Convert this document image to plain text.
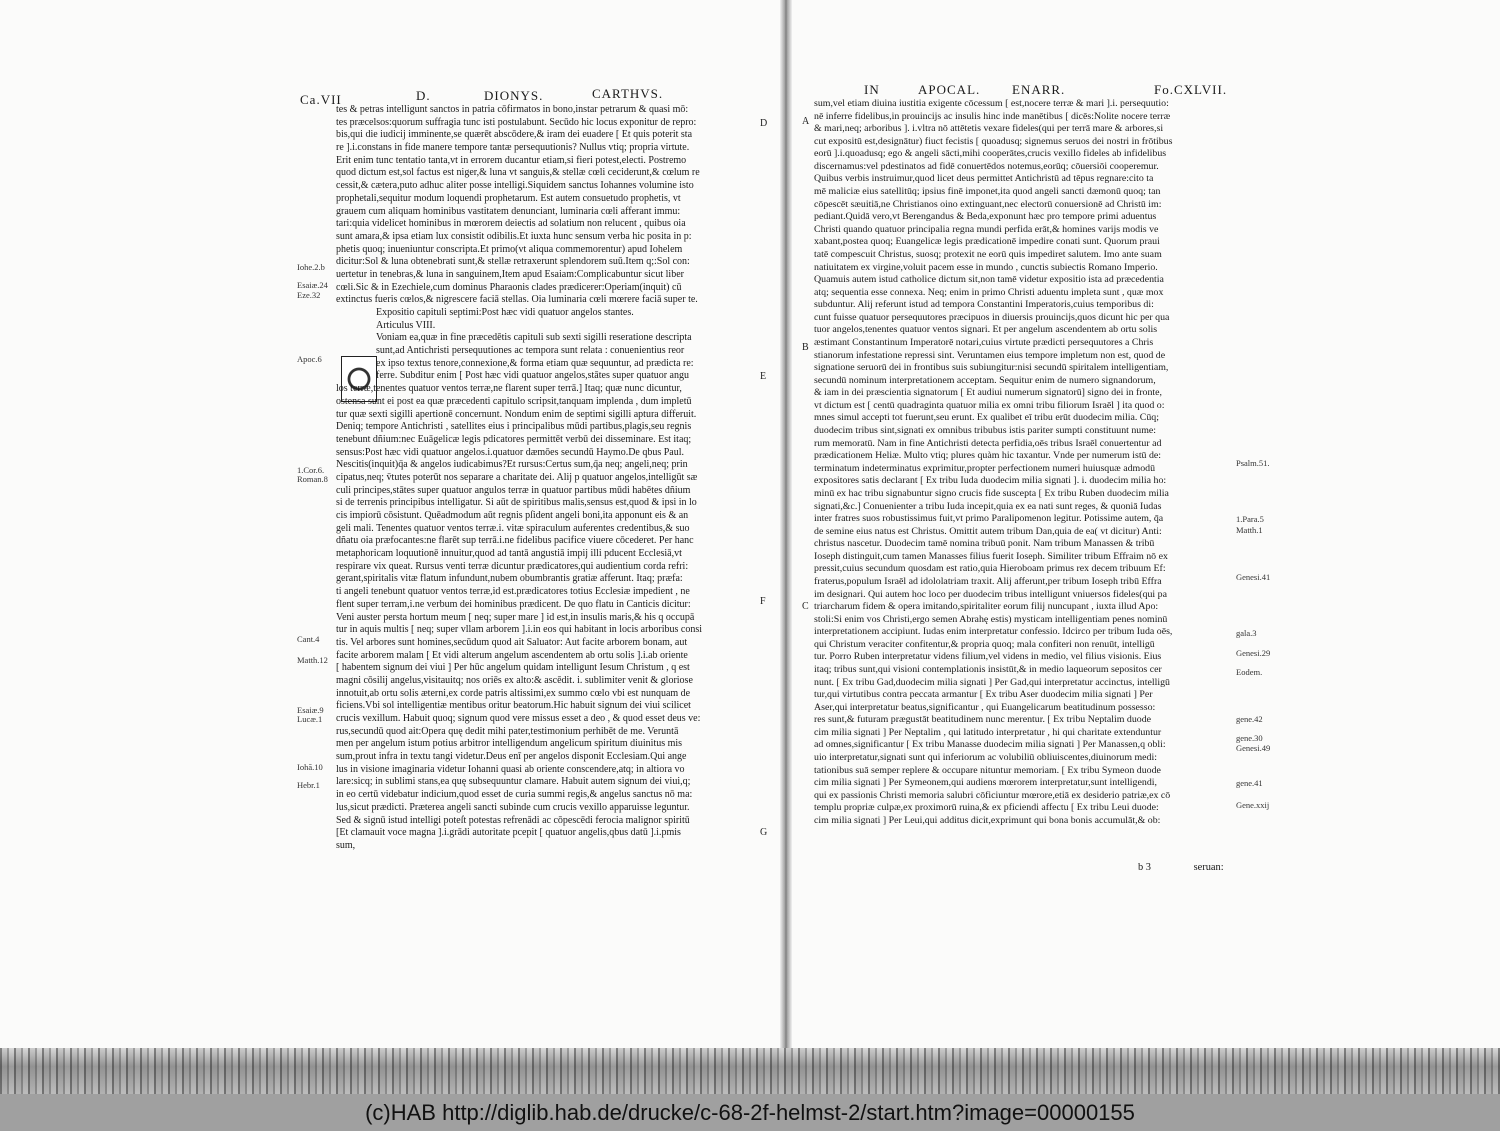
Ca.VII	D.	DIONYS.	CARTHVS.
tes & petras intelligunt sanctos in patria cōfirmatos in bono,instar petrarum & quasi mō:
tes præcelsos:quorum suffragia tunc isti postulabunt. Secūdo hic locus exponitur de repro:
bis,qui die iudicij imminente,se quærēt abscōdere,& iram dei euadere [ Et quis poterit sta
re ].i.constans in fide manere tempore tantæ persequutionis? Nullus vtiq; propria virtute.
Erit enim tunc tentatio tanta,vt in errorem ducantur etiam,si fieri potest,electi. Postremo
quod dictum est,sol factus est niger,& luna vt sanguis,& stellæ cœli ceciderunt,& cœlum re
cessit,& cætera,puto adhuc aliter posse intelligi.Siquidem sanctus Iohannes volumine isto
prophetali,sequitur modum loquendi prophetarum. Est autem consuetudo prophetis, vt
grauem cum aliquam hominibus vastitatem denunciant, luminaria cœli afferant immu:
tari:quia videlicet hominibus in mœrorem deiectis ad solatium non relucent , quibus oia
sunt amara,& ipsa etiam lux consistit odibilis.Et iuxta hunc sensum verba hic posita in p:
phetis quoq; inueniuntur conscripta.Et primo(vt aliqua commemorentur) apud Iohelem
dicitur:Sol & luna obtenebrati sunt,& stellæ retraxerunt splendorem suū.Item q;:Sol con:
uertetur in tenebras,& luna in sanguinem,Item apud Esaiam:Complicabuntur sicut liber
cœli.Sic & in Ezechiele,cum dominus Pharaonis clades prædicerer:Operiam(inquit) cū
extinctus fueris cœlos,& nigrescere faciā stellas. Oia luminaria cœli mœrere faciā super te.
Expositio capituli septimi:Post hæc vidi quatuor angelos stantes.
Articulus VIII.
Voniam ea,quæ in fine præcedētis capituli sub sexti sigilli reseratione descripta
sunt,ad Antichristi persequutiones ac tempora sunt relata : conuenientius reor
ex ipso textus tenore,connexione,& forma etiam quæ sequuntur, ad prædicta re:
ferre. Subditur enim [ Post hæc vidi quatuor angelos,stātes super quatuor angu
los terræ,tenentes quatuor ventos terræ,ne flarent super terrā.] Itaq; quæ nunc dicuntur,
ostensa sunt ei post ea quæ præcedenti capitulo scripsit,tanquam implenda , dum impletū
tur quæ sexti sigilli apertionē concernunt. Nondum enim de septimi sigilli aptura differuit.
Deniq; tempore Antichristi , satellites eius i principalibus mūdi partibus,plagis,seu regnis
tenebunt dñium:nec Euāgelicæ legis pdicatores permittēt verbū dei disseminare. Est itaq;
sensus:Post hæc vidi quatuor angelos.i.quatuor dæmōes secundū Haymo.De qbus Paul.
Nescitis(inquit)q̄a & angelos iudicabimus?Et rursus:Certus sum,q̄a neq; angeli,neq; prin
cipatus,neq; v̄tutes poterūt nos separare a charitate dei. Alij p quatuor angelos,intelligūt sæ
culi principes,stātes super quatuor angulos terræ in quatuor partibus mūdi habētes dñium
si de terrenis principibus intelligatur. Si aūt de spiritibus malis,sensus est,quod & ipsi in lo
cis impiorū cōsistunt. Quēadmodum aūt regnis pſident angeli boni,ita apponunt eis & an
geli mali. Tenentes quatuor ventos terræ.i. vitæ spiraculum auferentes credentibus,& suo
dñatu oia præfocantes:ne flarēt sup terrā.i.ne fidelibus pacifice viuere cōcederet. Per hanc
metaphoricam loquutionē innuitur,quod ad tantā angustiā impij illi pducent Ecclesiā,vt
respirare vix queat. Rursus venti terræ dicuntur prædicatores,qui audientium corda refri:
gerant,spiritalis vitæ flatum infundunt,nubem obumbrantis gratiæ afferunt. Itaq; præfa:
ti angeli tenebunt quatuor ventos terræ,id est.prædicatores totius Ecclesiæ impedient , ne
flent super terram,i.ne verbum dei hominibus prædicent. De quo flatu in Canticis dicitur:
Veni auster persta hortum meum [ neq; super mare ] id est,in insulis maris,& his q occupā
tur in aquis multis [ neq; super vllam arborem ].i.in eos qui habitant in locis arboribus consi
tis. Vel arbores sunt homines,secūdum quod ait Saluator: Aut facite arborem bonam, aut
facite arborem malam [ Et vidi alterum angelum ascendentem ab ortu solis ].i.ab oriente
[ habentem signum dei viui ] Per hūc angelum quidam intelligunt Iesum Christum , q est
magni cōsilij angelus,visitauitq; nos oriēs ex alto:& ascēdit. i. sublimiter venit & gloriose
innotuit,ab ortu solis æterni,ex corde patris altissimi,ex summo cœlo vbi est nunquam de
ficiens.Vbi sol intelligentiæ mentibus oritur beatorum.Hic habuit signum dei viui scilicet
crucis vexillum. Habuit quoq; signum quod vere missus esset a deo , & quod esset deus ve:
rus,secundū quod ait:Opera quę dedit mihi pater,testimonium perhibēt de me. Veruntā
men per angelum istum potius arbitror intelligendum angelicum spiritum diuinitus mis
sum,prout infra in textu tangi videtur.Deus enī per angelos disponit Ecclesiam.Qui ange
lus in visione imaginaria videtur Iohanni quasi ab oriente conscendere,atq; in altiora vo
lare:sicq; in sublimi stans,ea quę subsequuntur clamare. Habuit autem signum dei viui,q;
in eo certū videbatur indicium,quod esset de curia summi regis,& angelus sanctus nō ma:
lus,sicut prædicti. Præterea angeli sancti subinde cum crucis vexillo apparuisse leguntur.
Sed & signū istud intelligi poteſt potestas refrenādi ac cōpescēdi ferocia malignor spiritū
[Et clamauit voce magna ].i.grādi autoritate pcepit [ quatuor angelis,qbus datū ].i.pmis
sum,
Iohe.2.b
Esaiæ.24
Eze.32
Apoc.6
1.Cor.6.
Roman.8
Cant.4
Matth.12
Esaiæ.9
Lucæ.1
Iohā.10
Hebr.1
D
E
F
G
IN	APOCAL. ENARR.	Fo.CXLVII.
sum,vel etiam diuina iustitia exigente cōcessum [ est,nocere terræ & mari ].i. persequutio:
nē inferre fidelibus,in prouincijs ac insulis hinc inde manētibus [ dicēs:Nolite nocere terræ
& mari,neq; arboribus ]. i.vltra nō attētetis vexare fideles(qui per terrā mare & arbores,si
cut expositū est,designātur) fiuct fecistis [ quoadusq; signemus seruos dei nostri in frōtibus
eorū ].i.quoadusq; ego & angeli sācti,mihi cooperātes,crucis vexillo fideles ab infidelibus
discernamus:vel pdestinatos ad fidē conuertēdos notemus,eorūq; cōuersiōi cooperemur.
Quibus verbis instruimur,quod licet deus permittet Antichristū ad tēpus regnare:cito ta
mē maliciæ eius satellitūq; ipsius finē imponet,ita quod angeli sancti dæmonū quoq; tan
cōpescēt sæuitiā,ne Christianos oino extinguant,nec electorū conuersionē ad Christū im:
pediant.Quidā vero,vt Berengandus & Beda,exponunt hæc pro tempore primi aduentus
Christi quando quatuor principalia regna mundi perfida erāt,& homines varijs modis ve
xabant,postea quoq; Euangelicæ legis prædicationē impedire conati sunt. Quorum praui
tatē compescuit Christus, suosq; protexit ne eorū quis impediret salutem. Imo ante suam
natiuitatem ex virgine,voluit pacem esse in mundo , cunctis subiectis Romano Imperio.
Quamuis autem istud catholice dictum sit,non tamē videtur expositio ista ad præcedentia
atq; sequentia esse connexa. Neq; enim in primo Christi aduentu impleta sunt , quæ mox
subduntur. Alij referunt istud ad tempora Constantini Imperatoris,cuius temporibus di:
cunt fuisse quatuor persequutores præcipuos in diuersis prouincijs,quos dicunt hic per qua
tuor angelos,tenentes quatuor ventos signari. Et per angelum ascendentem ab ortu solis
æstimant Constantinum Imperatorē notari,cuius virtute prædicti persequutores a Chris
stianorum infestatione repressi sint. Veruntamen eius tempore impletum non est, quod de
signatione seruorū dei in frontibus suis subiungitur:nisi secundū spiritalem intelligentiam,
secundū nominum interpretationem acceptam. Sequitur enim de numero signandorum,
& iam in dei præscientia signatorum [ Et audiui numerum signatorū] signo dei in fronte,
vt dictum est [ centū quadraginta quatuor milia ex omni tribu filiorum Israēl ] ita quod o:
mnes simul accepti tot fuerunt,seu erunt. Ex qualibet eī tribu erūt duodecim milia. Cūq;
duodecim tribus sint,signati ex omnibus tribubus istis pariter sumpti constituunt nume:
rum memoratū. Nam in fine Antichristi detecta perfidia,oēs tribus Israēl conuertentur ad
prædicationem Heliæ. Multo vtiq; plures quàm hic taxantur. Vnde per numerum istū de:
terminatum indeterminatus exprimitur,propter perfectionem numeri huiusquæ admodū
expositores satis declarant [ Ex tribu Iuda duodecim milia signati ]. i. duodecim milia ho:
minū ex hac tribu signabuntur signo crucis fide suscepta [ Ex tribu Ruben duodecim milia
signati,&c.] Conuenienter a tribu Iuda incepit,quia ex ea nati sunt reges, & quoniā Iudas
inter fratres suos robustissimus fuit,vt primo Paralipomenon legitur. Potissime autem, q̄a
de semine eius natus est Christus. Omittit autem tribum Dan,quia de ea( vt dicitur) Anti:
christus nascetur. Duodecim tamē nomina tribuū ponit. Nam tribum Manassen & tribū
Ioseph distinguit,cum tamen Manasses filius fuerit Ioseph. Similiter tribum Effraim nō ex
pressit,cuius secundum quosdam est ratio,quia Hieroboam primus rex decem tribuum Ef:
fraterus,populum Israēl ad idololatriam traxit. Alij afferunt,per tribum Ioseph tribū Effra
im designari. Qui autem hoc loco per duodecim tribus intelligunt vniuersos fideles(qui pa
triarcharum fidem & opera imitando,spiritaliter eorum filij nuncupant , iuxta illud Apo:
stoli:Si enim vos Christi,ergo semen Abrahę estis) mysticam intelligentiam penes nominū
interpretationem accipiunt. Iudas enim interpretatur confessio. Idcirco per tribum Iuda oēs,
qui Christum veraciter confitentur,& propria quoq; mala confiteri non renuūt, intelligū
tur. Porro Ruben interpretatur videns filium,vel videns in medio, vel filius visionis. Eius
itaq; tribus sunt,qui visioni contemplationis insistūt,& in medio laqueorum sepositos cer
nunt. [ Ex tribu Gad,duodecim milia signati ] Per Gad,qui interpretatur accinctus, intelligū
tur,qui virtutibus contra peccata armantur [ Ex tribu Aser duodecim milia signati ] Per
Aser,qui interpretatur beatus,significantur , qui Euangelicarum beatitudinum possesso:
res sunt,& futuram prægustāt beatitudinem nunc merentur. [ Ex tribu Neptalim duode
cim milia signati ] Per Neptalim , qui latitudo interpretatur , hi qui charitate extenduntur
ad omnes,significantur [ Ex tribu Manasse duodecim milia signati ] Per Manassen,q obli:
uio interpretatur,signati sunt qui inferiorum ac volubiliū obliuiscentes,diuinorum medi:
tationibus suā semper replere & occupare nituntur memoriam. [ Ex tribu Symeon duode
cim milia signati ] Per Symeonem,qui audiens mœrorem interpretatur,sunt intelligendi,
qui ex passionis Christi memoria salubri cōficiuntur mœrore,etiā ex desiderio patriæ,ex cō
templu propriæ culpæ,ex proximorū ruina,& ex pficiendi affectu [ Ex tribu Leui duode:
cim milia signati ] Per Leui,qui additus dicit,exprimunt qui bona bonis accumulāt,& ob:
Psalm.51.
1.Para.5
Matth.1
Genesi.41
gala.3
Genesi.29
Eodem.
gene.42
gene.30
Genesi.49
gene.41
Gene.xxij
A
B
C
b 3	seruan:
(c)HAB http://diglib.hab.de/drucke/c-68-2f-helmst-2/start.htm?image=00000155
